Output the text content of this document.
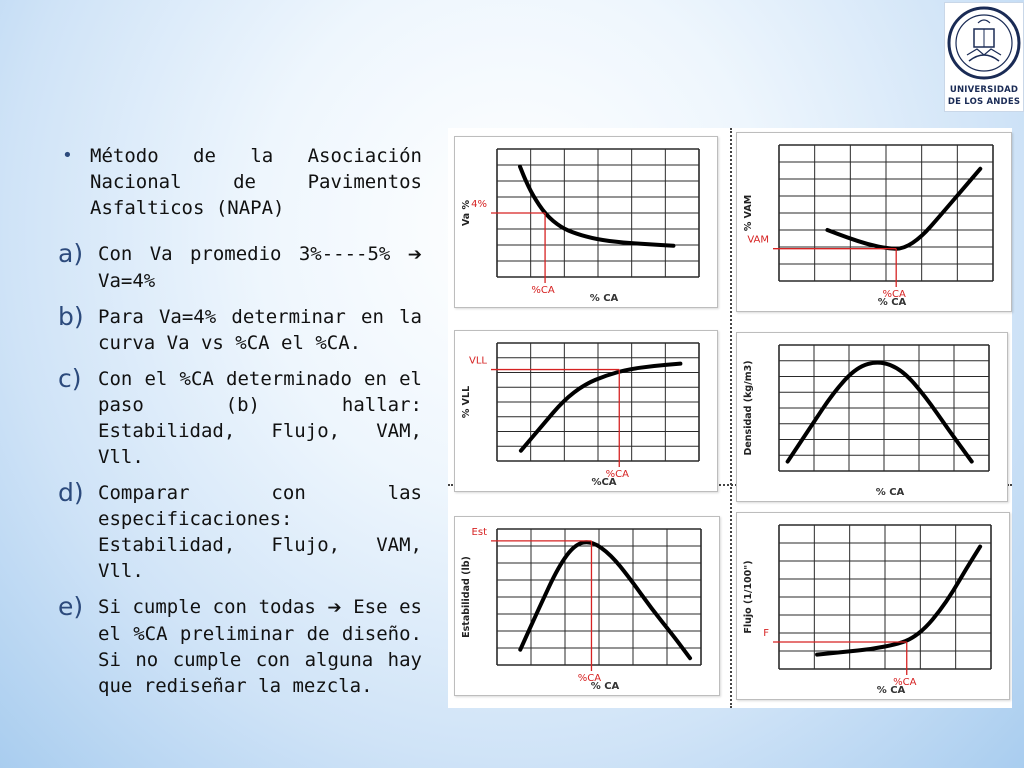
UNIVERSIDAD
DE LOS ANDES
• Método de la Asociación Nacional de Pavimentos Asfalticos (NAPA)
a) Con Va promedio 3%----5% ➔ Va=4%
b) Para Va=4% determinar en la curva Va vs %CA el %CA.
c) Con el %CA determinado en el paso (b) hallar: Estabilidad, Flujo, VAM, Vll.
d) Comparar con las especificaciones: Estabilidad, Flujo, VAM, Vll.
e) Si cumple con todas ➔ Ese es el %CA preliminar de diseño. Si no cumple con alguna hay que rediseñar la mezcla.
% CA
Va % 4%
%CA
% CA
% VAM
VAM
%CA
%CA
% VLL
VLL
%CA
% CA
Densidad (kg/m3)
% CA
Estabilidad (lb)
Est
%CA
% CA
Flujo (1/100") F
%CA
